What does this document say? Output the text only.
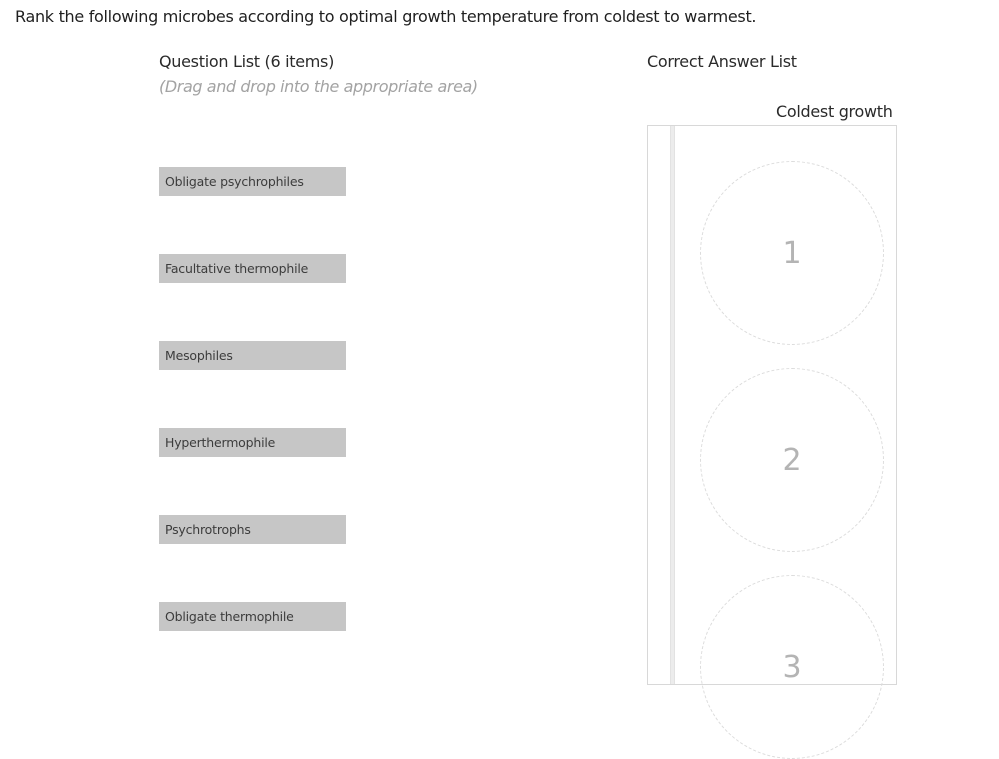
Rank the following microbes according to optimal growth temperature from coldest to warmest.
Question List (6 items)
(Drag and drop into the appropriate area)
Obligate psychrophiles
Facultative thermophile
Mesophiles
Hyperthermophile
Psychrotrophs
Obligate thermophile
Correct Answer List
Coldest growth
1
2
3
